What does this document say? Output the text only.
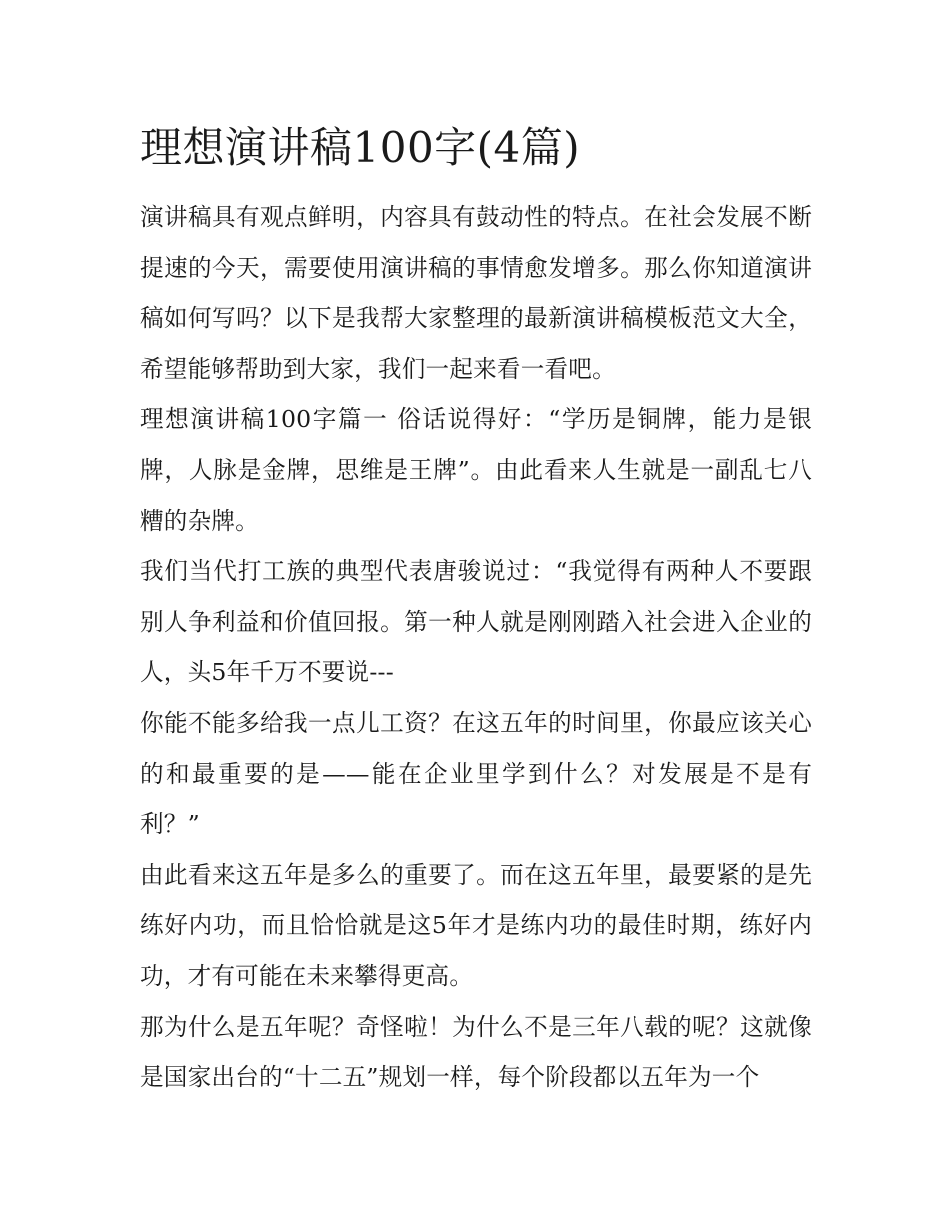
理想演讲稿100字(4篇)

演讲稿具有观点鲜明，内容具有鼓动性的特点。在社会发展不断提速的今天，需要使用演讲稿的事情愈发增多。那么你知道演讲稿如何写吗？以下是我帮大家整理的最新演讲稿模板范文大全，希望能够帮助到大家，我们一起来看一看吧。

理想演讲稿100字篇一 俗话说得好：“学历是铜牌，能力是银牌，人脉是金牌，思维是王牌”。由此看来人生就是一副乱七八糟的杂牌。

我们当代打工族的典型代表唐骏说过：“我觉得有两种人不要跟别人争利益和价值回报。第一种人就是刚刚踏入社会进入企业的人，头5年千万不要说---

你能不能多给我一点儿工资？在这五年的时间里，你最应该关心的和最重要的是——能在企业里学到什么？对发展是不是有利？”

由此看来这五年是多么的重要了。而在这五年里，最要紧的是先练好内功，而且恰恰就是这5年才是练内功的最佳时期，练好内功，才有可能在未来攀得更高。

那为什么是五年呢？奇怪啦！为什么不是三年八载的呢？这就像是国家出台的“十二五”规划一样，每个阶段都以五年为一个
